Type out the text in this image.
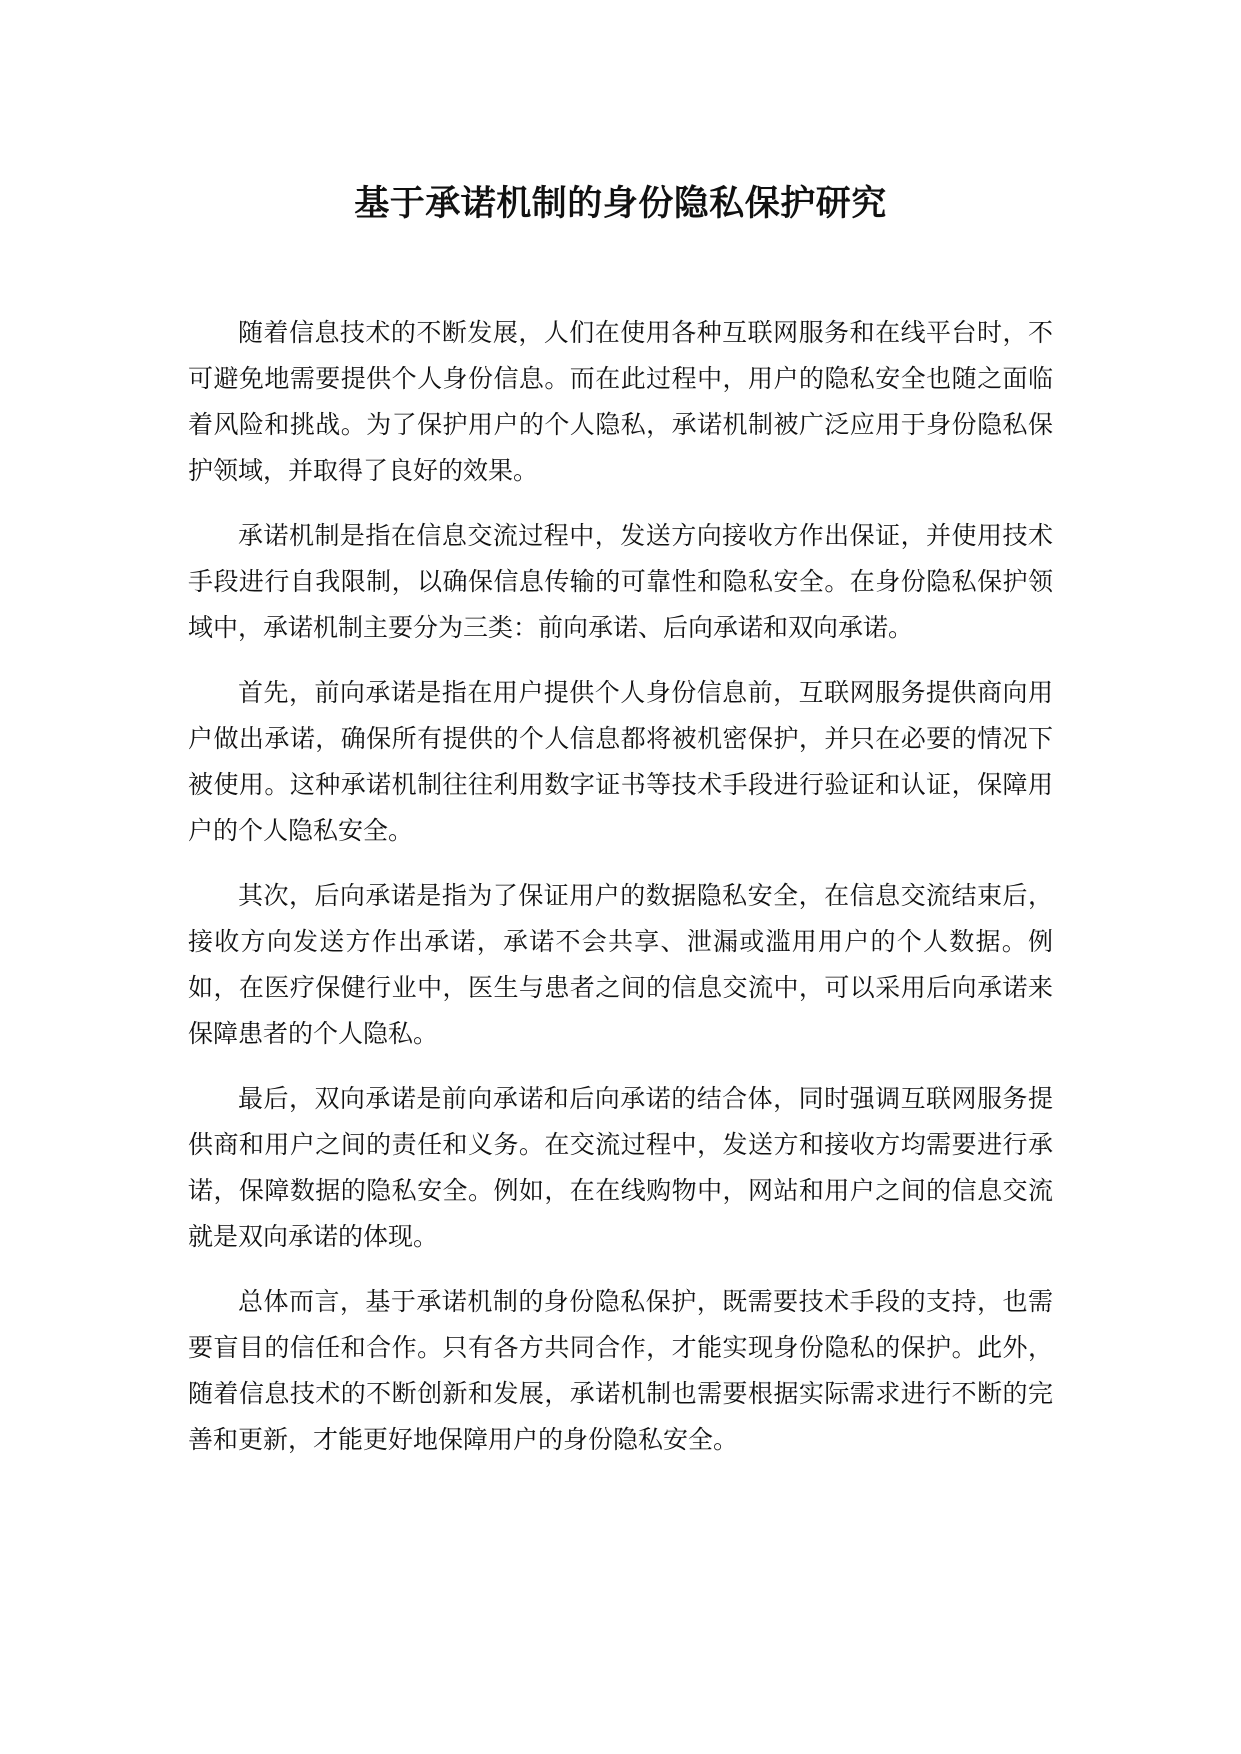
基于承诺机制的身份隐私保护研究

随着信息技术的不断发展，人们在使用各种互联网服务和在线平台时，不可避免地需要提供个人身份信息。而在此过程中，用户的隐私安全也随之面临着风险和挑战。为了保护用户的个人隐私，承诺机制被广泛应用于身份隐私保护领域，并取得了良好的效果。

承诺机制是指在信息交流过程中，发送方向接收方作出保证，并使用技术手段进行自我限制，以确保信息传输的可靠性和隐私安全。在身份隐私保护领域中，承诺机制主要分为三类：前向承诺、后向承诺和双向承诺。

首先，前向承诺是指在用户提供个人身份信息前，互联网服务提供商向用户做出承诺，确保所有提供的个人信息都将被机密保护，并只在必要的情况下被使用。这种承诺机制往往利用数字证书等技术手段进行验证和认证，保障用户的个人隐私安全。

其次，后向承诺是指为了保证用户的数据隐私安全，在信息交流结束后，接收方向发送方作出承诺，承诺不会共享、泄漏或滥用用户的个人数据。例如，在医疗保健行业中，医生与患者之间的信息交流中，可以采用后向承诺来保障患者的个人隐私。

最后，双向承诺是前向承诺和后向承诺的结合体，同时强调互联网服务提供商和用户之间的责任和义务。在交流过程中，发送方和接收方均需要进行承诺，保障数据的隐私安全。例如，在在线购物中，网站和用户之间的信息交流就是双向承诺的体现。

总体而言，基于承诺机制的身份隐私保护，既需要技术手段的支持，也需要盲目的信任和合作。只有各方共同合作，才能实现身份隐私的保护。此外，随着信息技术的不断创新和发展，承诺机制也需要根据实际需求进行不断的完善和更新，才能更好地保障用户的身份隐私安全。
